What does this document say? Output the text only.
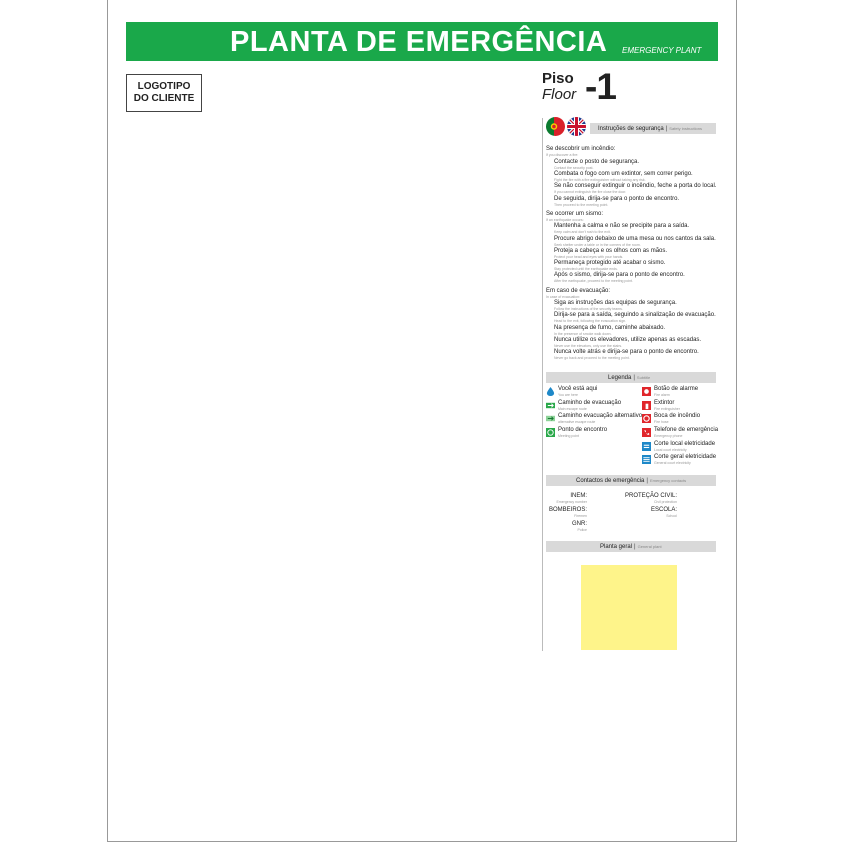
PLANTA DE EMERGÊNCIA EMERGENCY PLANT
LOGOTIPO
DO CLIENTE
Piso
Floor -1
Instruções de segurança | Safety instructions
Se descobrir um incêndio:
If you discover a fire:
Contacte o posto de segurança.
Contact the security post.
Combata o fogo com um extintor, sem correr perigo.
Fight the fire with a fire extinguisher without taking any risk.
Se não conseguir extinguir o incêndio, feche a porta do local.
If you cannot extinguish the fire close the door.
De seguida, dirija-se para o ponto de encontro.
Then proceed to the meeting point.
Se ocorrer um sismo:
If an earthquake occurs:
Mantenha a calma e não se precipite para a saída.
Keep calm and don't rush to the exit.
Procure abrigo debaixo de uma mesa ou nos cantos da sala.
Seek shelter under a table or in the corners of the room.
Proteja a cabeça e os olhos com as mãos.
Protect your head and eyes with your hands.
Permaneça protegido até acabar o sismo.
Stay protected until the earthquake ends.
Após o sismo, dirija-se para o ponto de encontro.
After the earthquake, proceed to the meeting point.
Em caso de evacuação:
In case of evacuation:
Siga as instruções das equipas de segurança.
Follow the instructions of the security teams.
Dirija-se para a saída, seguindo a sinalização de evacuação.
Head to the exit, following the evacuation sign.
Na presença de fumo, caminhe abaixado.
In the presence of smoke walk down.
Nunca utilize os elevadores, utilize apenas as escadas.
Never use the elevators, only use the stairs.
Nunca volte atrás e dirija-se para o ponto de encontro.
Never go back and proceed to the meeting point.
Legenda | Subtitle
Você está aqui
You are here
Caminho de evacuação
Main escape route
Caminho evacuação alternativo
alternative escape route
Ponto de encontro
Meeting point
Botão de alarme
Fire alarm
Extintor
Fire extinguisher
Boca de incêndio
Fire hose
Telefone de emergência
Emergency phone
Corte local eletricidade
Local court electricity
Corte geral eletricidade
General court electricity
Contactos de emergência | Emergency contacts
INEM:
Emergency number
PROTEÇÃO CIVIL:
Civil protection
BOMBEIROS:
Firemen
ESCOLA:
School
GNR:
Police
Planta geral | General plant
